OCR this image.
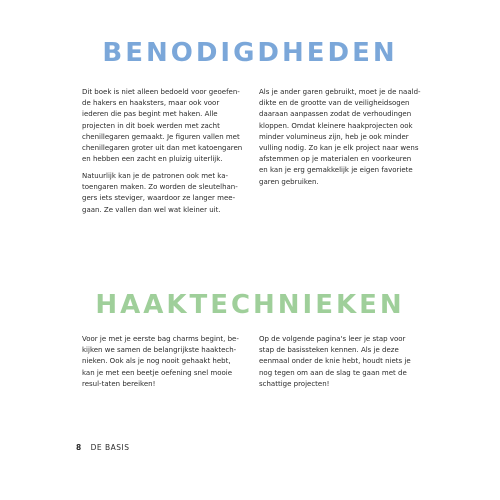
BENODIGDHEDEN

Dit boek is niet alleen bedoeld voor geoefen-de hakers en haaksters, maar ook voor iederen die pas begint met haken. Alle projecten in dit boek werden met zacht chenillegaren gemaakt. Je figuren vallen met chenillegaren groter uit dan met katoengaren en hebben een zacht en pluizig uiterlijk.

Natuurlijk kan je de patronen ook met ka-toengaren maken. Zo worden de sleutelhan-gers iets steviger, waardoor ze langer mee-gaan. Ze vallen dan wel wat kleiner uit.

Als je ander garen gebruikt, moet je de naald-dikte en de grootte van de veiligheidsogen daaraan aanpassen zodat de verhoudingen kloppen. Omdat kleinere haakprojecten ook minder volumineus zijn, heb je ook minder vulling nodig. Zo kan je elk project naar wens afstemmen op je materialen en voorkeuren en kan je erg gemakkelijk je eigen favoriete garen gebruiken.

HAAKTECHNIEKEN

Voor je met je eerste bag charms begint, be-kijken we samen de belangrijkste haaktech-nieken. Ook als je nog nooit gehaakt hebt, kan je met een beetje oefening snel mooie resul-taten bereiken!

Op de volgende pagina's leer je stap voor stap de basissteken kennen. Als je deze eenmaal onder de knie hebt, houdt niets je nog tegen om aan de slag te gaan met de schattige projecten!

8 DE BASIS
